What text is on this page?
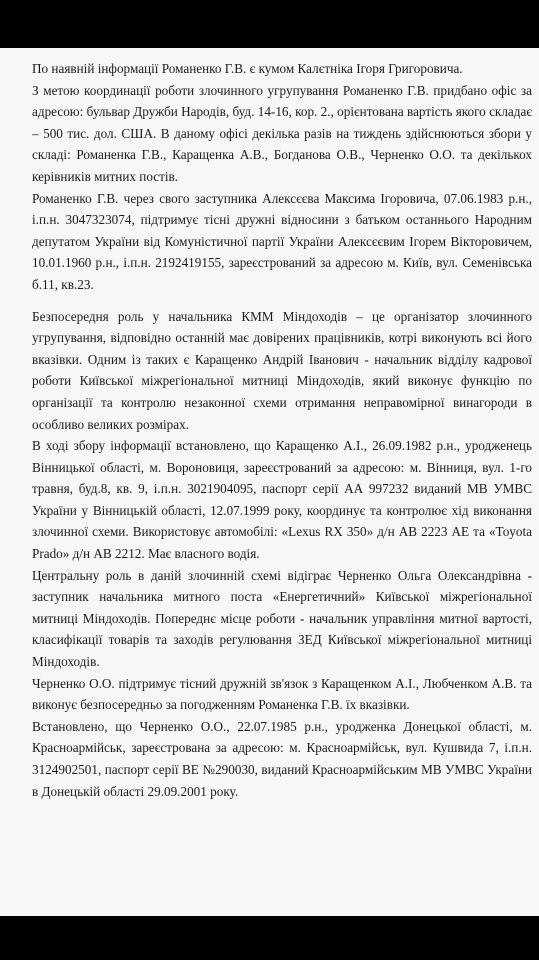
По наявній інформації Романенко Г.В. є кумом Калєтніка Ігоря Григоровича.

З метою координації роботи злочинного угрупування Романенко Г.В. придбано офіс за адресою: бульвар Дружби Народів, буд. 14-16, кор. 2., орієнтована вартість якого складає – 500 тис. дол. США. В даному офісі декілька разів на тиждень здійснюються збори у складі: Романенка Г.В., Каращенка А.В., Богданова О.В., Черненко О.О. та декількох керівників митних постів.

Романенко Г.В. через свого заступника Алексєєва Максима Ігоровича, 07.06.1983 р.н., і.п.н. 3047323074, підтримує тісні дружні відносини з батьком останнього Народним депутатом України від Комуністичної партії України Алексєєвим Ігорем Вікторовичем, 10.01.1960 р.н., і.п.н. 2192419155, зареєстрований за адресою м. Київ, вул. Семенівська б.11, кв.23.

Безпосередня роль у начальника КММ Міндоходів – це організатор злочинного угрупування, відповідно останній має довірених працівників, котрі виконують всі його вказівки. Одним із таких є Каращенко Андрій Іванович - начальник відділу кадрової роботи Київської міжрегіональної митниці Міндоходів, який виконує функцію по організації та контролю незаконної схеми отримання неправомірної винагороди в особливо великих розмірах.

В ході збору інформації встановлено, що Каращенко А.І., 26.09.1982 р.н., уродженець Вінницької області, м. Вороновиця, зареєстрований за адресою: м. Вінниця, вул. 1-го травня, буд.8, кв. 9, і.п.н. 3021904095, паспорт серії АА 997232 виданий МВ УМВС України у Вінницькій області, 12.07.1999 року, координує та контролює хід виконання злочинної схеми. Використовує автомобілі: «Lexus RX 350» д/н АВ 2223 АЕ та «Toyota Prado» д/н АВ 2212. Має власного водія.

Центральну роль в даній злочинній схемі відіграє Черненко Ольга Олександрівна - заступник начальника митного поста «Енергетичний» Київської міжрегіональної митниці Міндоходів. Попереднє місце роботи - начальник управління митної вартості, класифікації товарів та заходів регулювання ЗЕД Київської міжрегіональної митниці Міндоходів.

Черненко О.О. підтримує тісний дружній зв'язок з Каращенком А.І., Любченком А.В. та виконує безпосередньо за погодженням Романенка Г.В. їх вказівки.

Встановлено, що Черненко О.О., 22.07.1985 р.н., уродженка Донецької області, м. Красноармійськ, зареєстрована за адресою: м. Красноармійськ, вул. Кушвида 7, і.п.н. 3124902501, паспорт серії ВЕ №290030, виданий Красноармійським МВ УМВС України в Донецькій області 29.09.2001 року.
